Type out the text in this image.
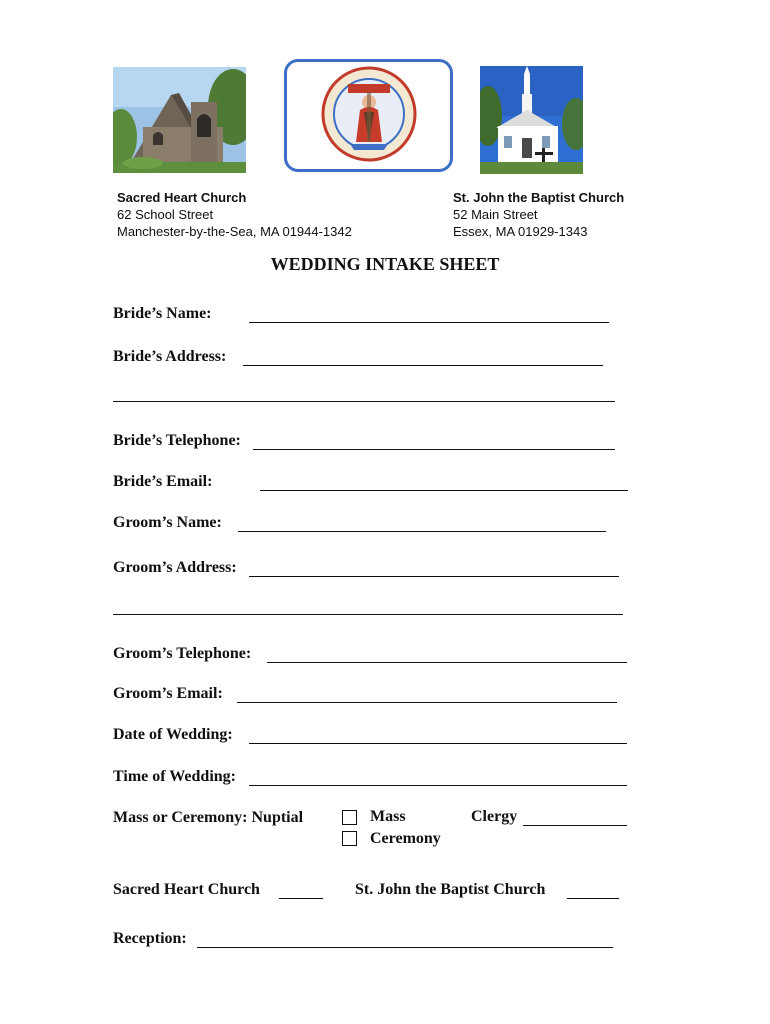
Sacred Heart Church
62 School Street
Manchester-by-the-Sea, MA 01944-1342
St. John the Baptist Church
52 Main Street
Essex, MA 01929-1343
WEDDING INTAKE SHEET
Bride’s Name:
Bride’s Address:
Bride’s Telephone:
Bride’s Email:
Groom’s Name:
Groom’s Address:
Groom’s Telephone:
Groom’s Email:
Date of Wedding:
Time of Wedding:
Mass or Ceremony: Nuptial	Mass
Ceremony
Clergy
Sacred Heart Church	St. John the Baptist Church
Reception:
